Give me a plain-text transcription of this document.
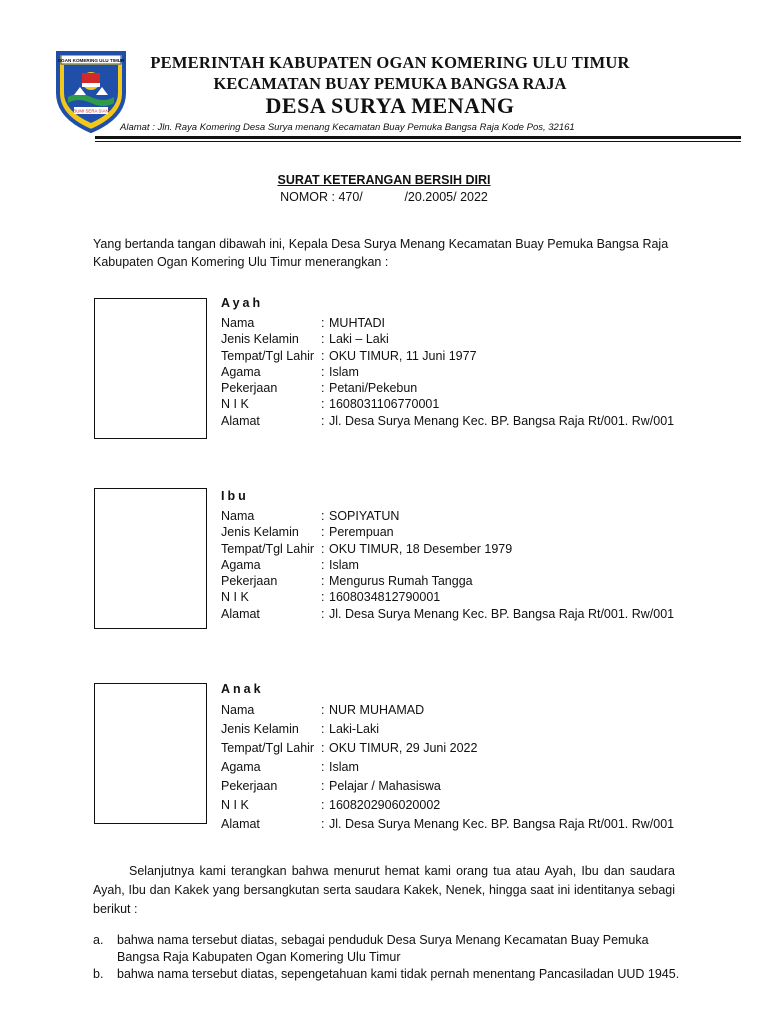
OGAN KOMERING ULU TIMUR
BUMI SERA SIAN
PEMERINTAH KABUPATEN OGAN KOMERING ULU TIMUR
KECAMATAN BUAY PEMUKA BANGSA RAJA
DESA SURYA MENANG
Alamat : Jln. Raya Komering Desa Surya menang Kecamatan Buay Pemuka Bangsa Raja Kode Pos, 32161
SURAT KETERANGAN BERSIH DIRI
NOMOR : 470/            /20.2005/ 2022
Yang bertanda tangan dibawah ini, Kepala Desa Surya Menang Kecamatan Buay Pemuka Bangsa Raja Kabupaten Ogan Komering Ulu Timur menerangkan :
Ayah
Nama	: MUHTADI
Jenis Kelamin	: Laki – Laki
Tempat/Tgl Lahir : OKU TIMUR, 11 Juni 1977
Agama	: Islam
Pekerjaan	: Petani/Pekebun
N I K	: 1608031106770001
Alamat	: Jl. Desa Surya Menang Kec. BP. Bangsa Raja Rt/001. Rw/001
Ibu
Nama	: SOPIYATUN
Jenis Kelamin	: Perempuan
Tempat/Tgl Lahir : OKU TIMUR, 18 Desember 1979
Agama	: Islam
Pekerjaan	: Mengurus Rumah Tangga
N I K	: 1608034812790001
Alamat	: Jl. Desa Surya Menang Kec. BP. Bangsa Raja Rt/001. Rw/001
Anak
Nama	: NUR MUHAMAD
Jenis Kelamin	: Laki-Laki
Tempat/Tgl Lahir : OKU TIMUR, 29 Juni 2022
Agama	: Islam
Pekerjaan	: Pelajar / Mahasiswa
N I K	: 1608202906020002
Alamat	: Jl. Desa Surya Menang Kec. BP. Bangsa Raja Rt/001. Rw/001
Selanjutnya kami terangkan bahwa menurut hemat kami orang tua atau Ayah, Ibu dan saudara Ayah, Ibu dan Kakek yang bersangkutan serta saudara Kakek, Nenek, hingga saat ini identitanya sebagi berikut :
a.	bahwa nama tersebut diatas, sebagai penduduk Desa Surya Menang Kecamatan Buay Pemuka Bangsa Raja Kabupaten Ogan Komering Ulu Timur
b.	bahwa nama tersebut diatas, sepengetahuan kami tidak pernah menentang Pancasiladan UUD 1945.
